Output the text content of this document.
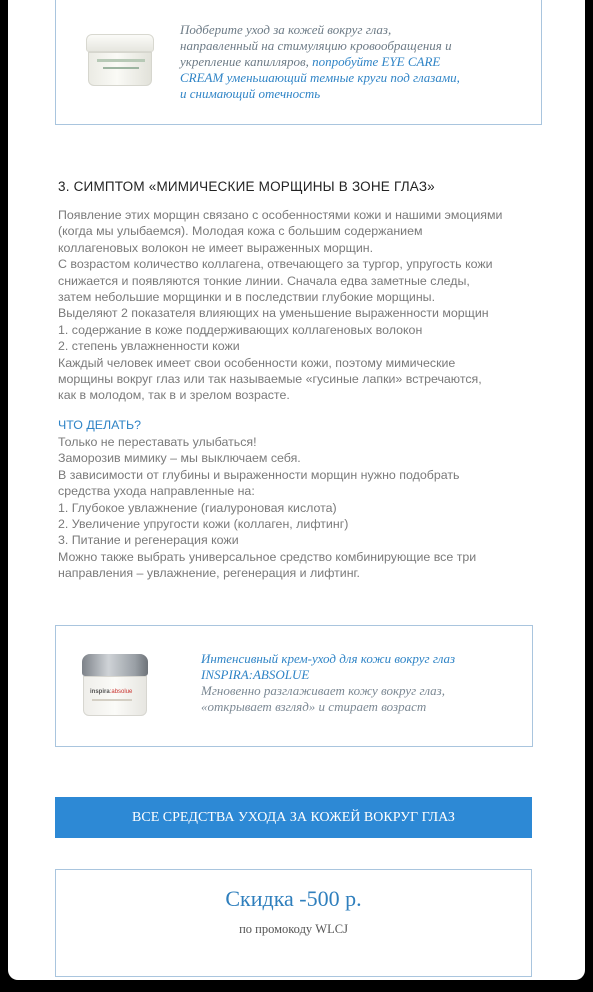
Подберите уход за кожей вокруг глаз,
направленный на стимуляцию кровообращения и
укрепление капилляров, попробуйте EYE CARE
CREAM уменьшающий темные круги под глазами,
и снимающий отечность
3. СИМПТОМ «МИМИЧЕСКИЕ МОРЩИНЫ В ЗОНЕ ГЛАЗ»
Появление этих морщин связано с особенностями кожи и нашими эмоциями
(когда мы улыбаемся). Молодая кожа с большим содержанием
коллагеновых волокон не имеет выраженных морщин.
С возрастом количество коллагена, отвечающего за тургор, упругость кожи
снижается и появляются тонкие линии. Сначала едва заметные следы,
затем небольшие морщинки и в последствии глубокие морщины.
Выделяют 2 показателя влияющих на уменьшение выраженности морщин
1. содержание в коже поддерживающих коллагеновых волокон
2. степень увлажненности кожи
Каждый человек имеет свои особенности кожи, поэтому мимические
морщины вокруг глаз или так называемые «гусиные лапки» встречаются,
как в молодом, так в и зрелом возрасте.
ЧТО ДЕЛАТЬ?
Только не переставать улыбаться!
Заморозив мимику – мы выключаем себя.
В зависимости от глубины и выраженности морщин нужно подобрать
средства ухода направленные на:
1. Глубокое увлажнение (гиалуроновая кислота)
2. Увеличение упругости кожи (коллаген, лифтинг)
3. Питание и регенерация кожи
Можно также выбрать универсальное средство комбинирующие все три
направления – увлажнение, регенерация и лифтинг.
inspira:absolue
Интенсивный крем-уход для кожи вокруг глаз
INSPIRA:ABSOLUE
Мгновенно разглаживает кожу вокруг глаз,
«открывает взгляд» и стирает возраст
ВСЕ СРЕДСТВА УХОДА ЗА КОЖЕЙ ВОКРУГ ГЛАЗ
Скидка -500 р.
по промокоду WLCJ
